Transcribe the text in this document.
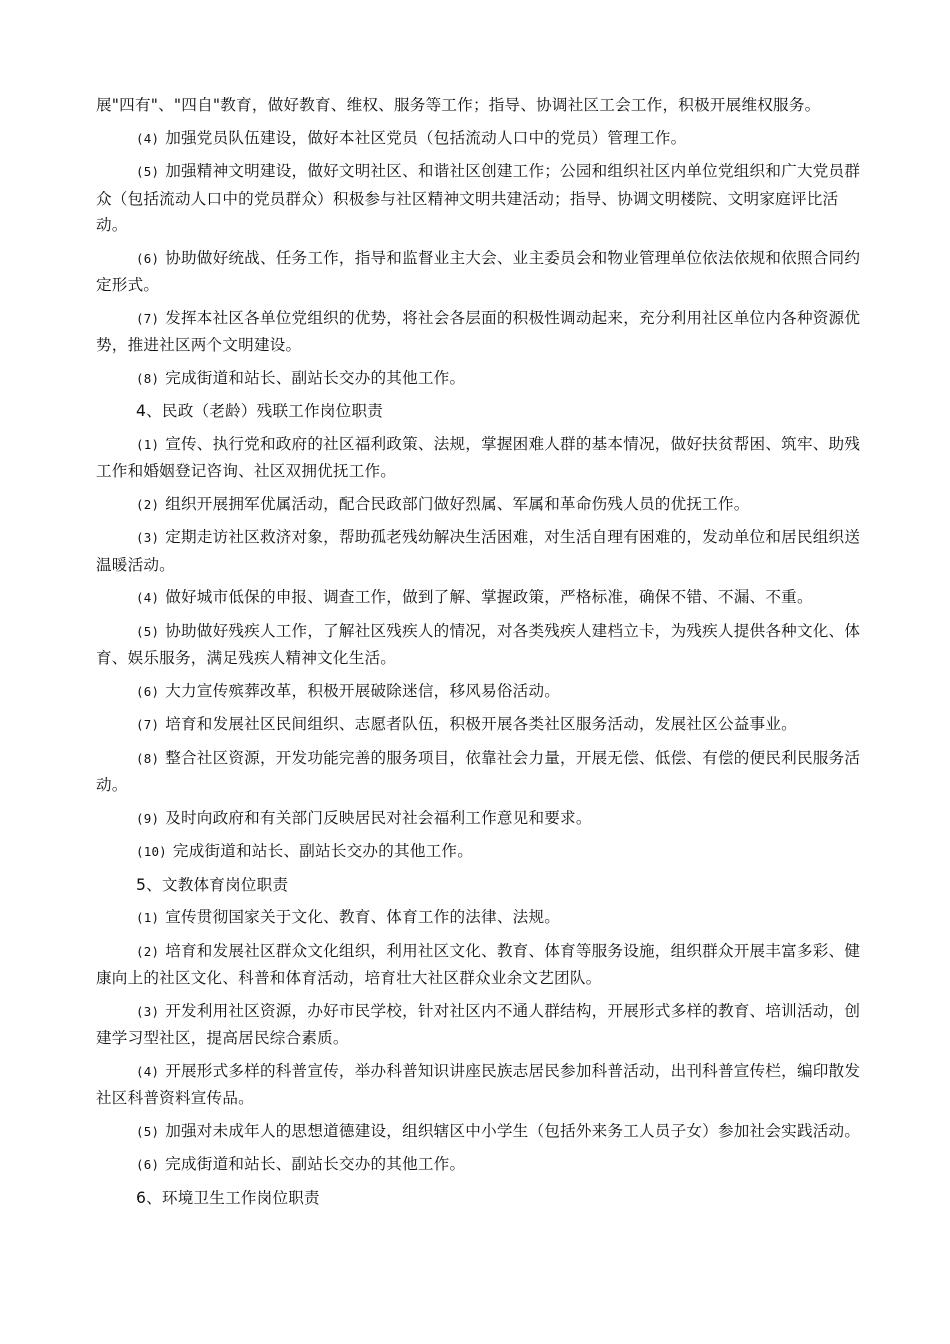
展"四有"、"四自"教育，做好教育、维权、服务等工作；指导、协调社区工会工作，积极开展维权服务。

(4) 加强党员队伍建设，做好本社区党员（包括流动人口中的党员）管理工作。

(5) 加强精神文明建设，做好文明社区、和谐社区创建工作；公园和组织社区内单位党组织和广大党员群众（包括流动人口中的党员群众）积极参与社区精神文明共建活动；指导、协调文明楼院、文明家庭评比活动。

(6) 协助做好统战、任务工作，指导和监督业主大会、业主委员会和物业管理单位依法依规和依照合同约定形式。

(7) 发挥本社区各单位党组织的优势，将社会各层面的积极性调动起来，充分利用社区单位内各种资源优势，推进社区两个文明建设。

(8) 完成街道和站长、副站长交办的其他工作。

4、民政（老龄）残联工作岗位职责

(1) 宣传、执行党和政府的社区福利政策、法规，掌握困难人群的基本情况，做好扶贫帮困、筑牢、助残工作和婚姻登记咨询、社区双拥优抚工作。

(2) 组织开展拥军优属活动，配合民政部门做好烈属、军属和革命伤残人员的优抚工作。

(3) 定期走访社区救济对象，帮助孤老残幼解决生活困难，对生活自理有困难的，发动单位和居民组织送温暖活动。

(4) 做好城市低保的申报、调查工作，做到了解、掌握政策，严格标准，确保不错、不漏、不重。

(5) 协助做好残疾人工作，了解社区残疾人的情况，对各类残疾人建档立卡，为残疾人提供各种文化、体育、娱乐服务，满足残疾人精神文化生活。

(6) 大力宣传殡葬改革，积极开展破除迷信，移风易俗活动。

(7) 培育和发展社区民间组织、志愿者队伍，积极开展各类社区服务活动，发展社区公益事业。

(8) 整合社区资源，开发功能完善的服务项目，依靠社会力量，开展无偿、低偿、有偿的便民利民服务活动。

(9) 及时向政府和有关部门反映居民对社会福利工作意见和要求。

(10) 完成街道和站长、副站长交办的其他工作。

5、文教体育岗位职责

(1) 宣传贯彻国家关于文化、教育、体育工作的法律、法规。

(2) 培育和发展社区群众文化组织，利用社区文化、教育、体育等服务设施，组织群众开展丰富多彩、健康向上的社区文化、科普和体育活动，培育壮大社区群众业余文艺团队。

(3) 开发利用社区资源，办好市民学校，针对社区内不通人群结构，开展形式多样的教育、培训活动，创建学习型社区，提高居民综合素质。

(4) 开展形式多样的科普宣传，举办科普知识讲座民族志居民参加科普活动，出刊科普宣传栏，编印散发社区科普资料宣传品。

(5) 加强对未成年人的思想道德建设，组织辖区中小学生（包括外来务工人员子女）参加社会实践活动。

(6) 完成街道和站长、副站长交办的其他工作。

6、环境卫生工作岗位职责
